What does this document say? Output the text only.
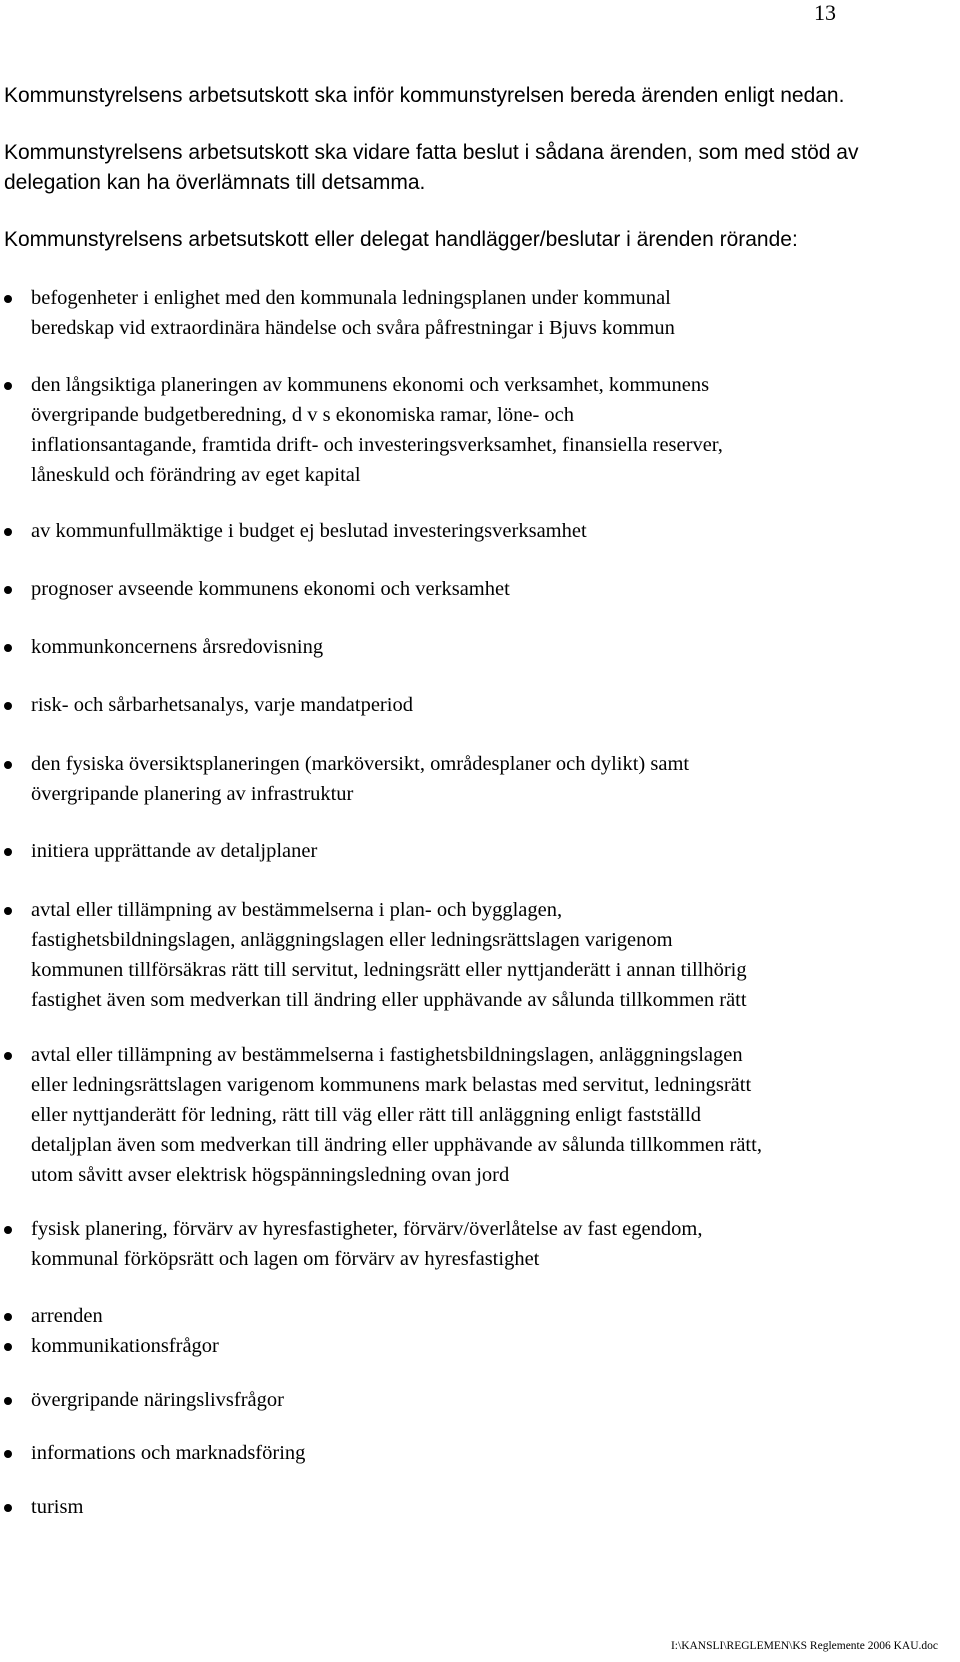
13
Kommunstyrelsens arbetsutskott ska inför kommunstyrelsen bereda ärenden enligt nedan.
Kommunstyrelsens arbetsutskott ska vidare fatta beslut i sådana ärenden, som med stöd av
delegation kan ha överlämnats till detsamma.
Kommunstyrelsens arbetsutskott eller delegat handlägger/beslutar i ärenden rörande:
befogenheter i enlighet med den kommunala ledningsplanen under kommunal
beredskap vid extraordinära händelse och svåra påfrestningar i Bjuvs kommun
den långsiktiga planeringen av kommunens ekonomi och verksamhet, kommunens
övergripande budgetberedning, d v s ekonomiska ramar, löne- och
inflationsantagande, framtida drift- och investeringsverksamhet, finansiella reserver,
låneskuld och förändring av eget kapital
av kommunfullmäktige i budget ej beslutad investeringsverksamhet
prognoser avseende kommunens ekonomi och verksamhet
kommunkoncernens årsredovisning
risk- och sårbarhetsanalys, varje mandatperiod
den fysiska översiktsplaneringen (marköversikt, områdesplaner och dylikt) samt
övergripande planering av infrastruktur
initiera upprättande av detaljplaner
avtal eller tillämpning av bestämmelserna i plan- och bygglagen,
fastighetsbildningslagen, anläggningslagen eller ledningsrättslagen varigenom
kommunen tillförsäkras rätt till servitut, ledningsrätt eller nyttjanderätt i annan tillhörig
fastighet även som medverkan till ändring eller upphävande av sålunda tillkommen rätt
avtal eller tillämpning av bestämmelserna i fastighetsbildningslagen, anläggningslagen
eller ledningsrättslagen varigenom kommunens mark belastas med servitut, ledningsrätt
eller nyttjanderätt för ledning, rätt till väg eller rätt till anläggning enligt fastställd
detaljplan även som medverkan till ändring eller upphävande av sålunda tillkommen rätt,
utom såvitt avser elektrisk högspänningsledning ovan jord
fysisk planering, förvärv av hyresfastigheter, förvärv/överlåtelse av fast egendom,
kommunal förköpsrätt och lagen om förvärv av hyresfastighet
arrenden
kommunikationsfrågor
övergripande näringslivsfrågor
informations och marknadsföring
turism
I:\KANSLI\REGLEMEN\KS Reglemente 2006 KAU.doc
